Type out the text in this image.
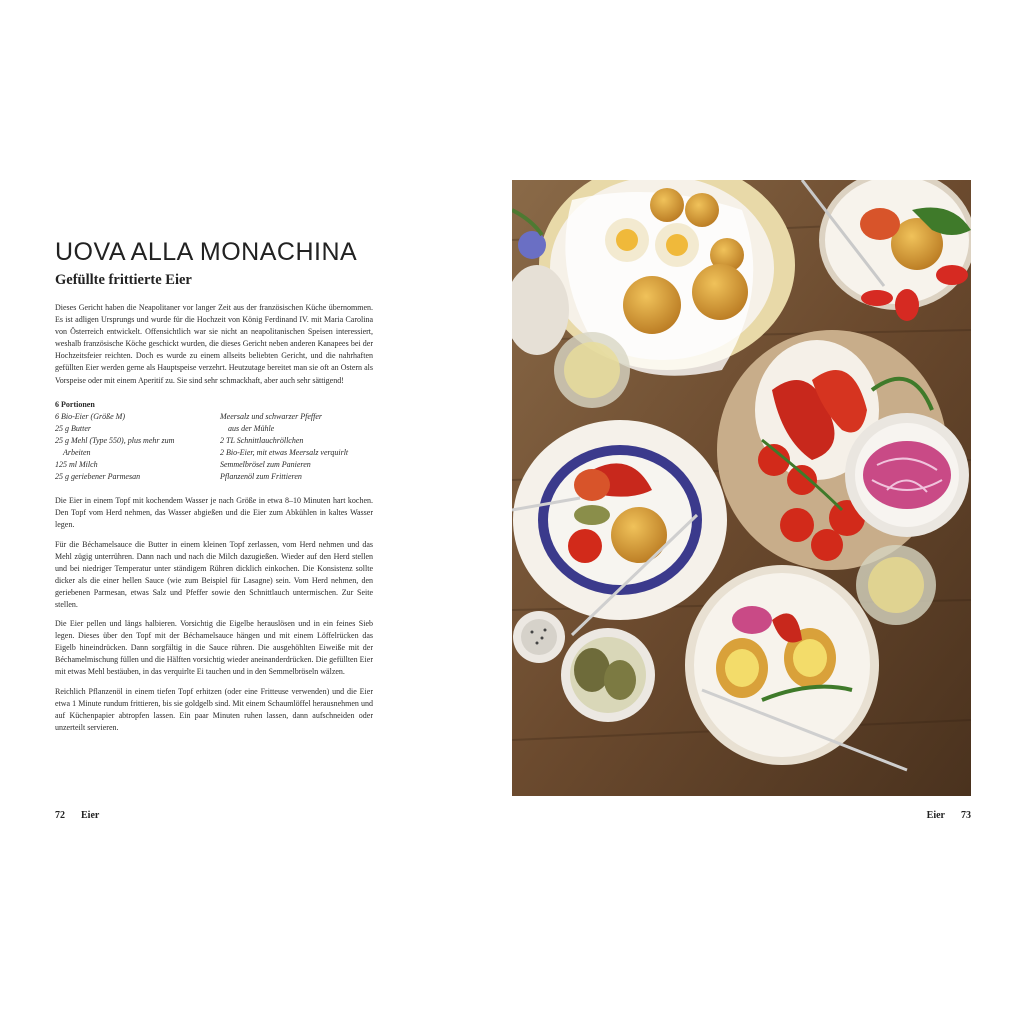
UOVA ALLA MONACHINA
Gefüllte frittierte Eier

Dieses Gericht haben die Neapolitaner vor langer Zeit aus der französischen Küche übernommen. Es ist adligen Ursprungs und wurde für die Hochzeit von König Ferdinand IV. mit Maria Carolina von Österreich entwickelt. Offensichtlich war sie nicht an neapolitanischen Speisen interessiert, weshalb französische Köche geschickt wurden, die dieses Gericht neben anderen Kanapees bei der Hochzeitsfeier reichten. Doch es wurde zu einem allseits beliebten Gericht, und die nahrhaften gefüllten Eier werden gerne als Hauptspeise verzehrt. Heutzutage bereitet man sie oft an Ostern als Vorspeise oder mit einem Aperitif zu. Sie sind sehr schmackhaft, aber auch sehr sättigend!

6 Portionen

6 Bio-Eier (Größe M)
25 g Butter
25 g Mehl (Type 550), plus mehr zum
Arbeiten
125 ml Milch
25 g geriebener Parmesan
Meersalz und schwarzer Pfeffer
aus der Mühle
2 TL Schnittlauchröllchen
2 Bio-Eier, mit etwas Meersalz verquirlt
Semmelbrösel zum Panieren
Pflanzenöl zum Frittieren

Die Eier in einem Topf mit kochendem Wasser je nach Größe in etwa 8–10 Minuten hart kochen. Den Topf vom Herd nehmen, das Wasser abgießen und die Eier zum Abkühlen in kaltes Wasser legen.

Für die Béchamelsauce die Butter in einem kleinen Topf zerlassen, vom Herd nehmen und das Mehl zügig unterrühren. Dann nach und nach die Milch dazugießen. Wieder auf den Herd stellen und bei niedriger Temperatur unter ständigem Rühren dicklich einkochen. Die Konsistenz sollte dicker als die einer hellen Sauce (wie zum Beispiel für Lasagne) sein. Vom Herd nehmen, den geriebenen Parmesan, etwas Salz und Pfeffer sowie den Schnittlauch untermischen. Zur Seite stellen.

Die Eier pellen und längs halbieren. Vorsichtig die Eigelbe herauslösen und in ein feines Sieb legen. Dieses über den Topf mit der Béchamelsauce hängen und mit einem Löffelrücken das Eigelb hineindrücken. Dann sorgfältig in die Sauce rühren. Die ausgehöhlten Eiweiße mit der Béchamelmischung füllen und die Hälften vorsichtig wieder aneinanderdrücken. Die gefüllten Eier mit etwas Mehl bestäuben, in das verquirlte Ei tauchen und in den Semmelbröseln wälzen.

Reichlich Pflanzenöl in einem tiefen Topf erhitzen (oder eine Fritteuse verwenden) und die Eier etwa 1 Minute rundum frittieren, bis sie goldgelb sind. Mit einem Schaumlöffel herausnehmen und auf Küchenpapier abtropfen lassen. Ein paar Minuten ruhen lassen, dann aufschneiden oder unzerteilt servieren.

72 Eier	Eier 73
